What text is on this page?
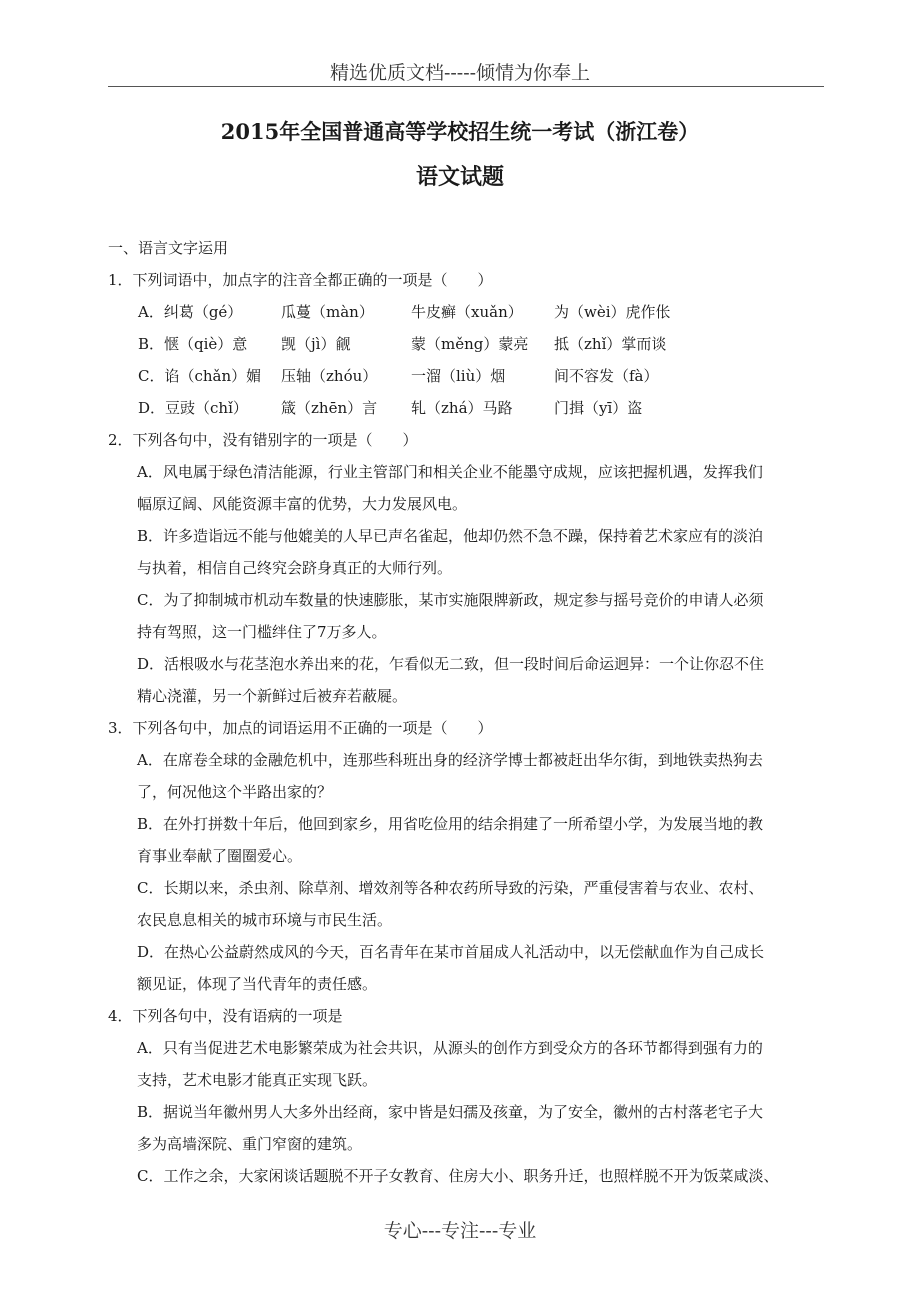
精选优质文档-----倾情为你奉上
2015年全国普通高等学校招生统一考试（浙江卷）
语文试题
一、语言文字运用
1．下列词语中，加点字的注音全都正确的一项是（　　）
A．纠葛（gé）	瓜蔓（màn） 牛皮癣（xuǎn） 为（wèi）虎作伥
B．惬（qiè）意 觊（jì）觎	蒙（měng）蒙亮 抵（zhǐ）掌而谈
C．谄（chǎn）媚 压轴（zhóu） 一溜（liù）烟	间不容发（fà）
D．豆豉（chǐ） 箴（zhēn）言 轧（zhá）马路	门揖（yī）盗
2．下列各句中，没有错别字的一项是（　　）
A．风电属于绿色清洁能源，行业主管部门和相关企业不能墨守成规，应该把握机遇，发挥我们
幅原辽阔、风能资源丰富的优势，大力发展风电。
B．许多造诣远不能与他媲美的人早已声名雀起，他却仍然不急不躁，保持着艺术家应有的淡泊
与执着，相信自己终究会跻身真正的大师行列。
C．为了抑制城市机动车数量的快速膨胀，某市实施限牌新政，规定参与摇号竞价的申请人必须
持有驾照，这一门槛绊住了7万多人。
D．活根吸水与花茎泡水养出来的花，乍看似无二致，但一段时间后命运迥异：一个让你忍不住
精心浇灌，另一个新鲜过后被弃若蔽屣。
3．下列各句中，加点的词语运用不正确的一项是（　　）
A．在席卷全球的金融危机中，连那些科班出身的经济学博士都被赶出华尔街，到地铁卖热狗去
了，何况他这个半路出家的？
B．在外打拼数十年后，他回到家乡，用省吃俭用的结余捐建了一所希望小学，为发展当地的教
育事业奉献了圈圈爱心。
C．长期以来，杀虫剂、除草剂、增效剂等各种农药所导致的污染，严重侵害着与农业、农村、
农民息息相关的城市环境与市民生活。
D．在热心公益蔚然成风的今天，百名青年在某市首届成人礼活动中，以无偿献血作为自己成长
额见证，体现了当代青年的责任感。
4．下列各句中，没有语病的一项是
A．只有当促进艺术电影繁荣成为社会共识，从源头的创作方到受众方的各环节都得到强有力的
支持，艺术电影才能真正实现飞跃。
B．据说当年徽州男人大多外出经商，家中皆是妇孺及孩童，为了安全，徽州的古村落老宅子大
多为高墙深院、重门窄窗的建筑。
C．工作之余，大家闲谈话题脱不开子女教育、住房大小、职务升迁，也照样脱不开为饭菜咸淡、
专心---专注---专业
